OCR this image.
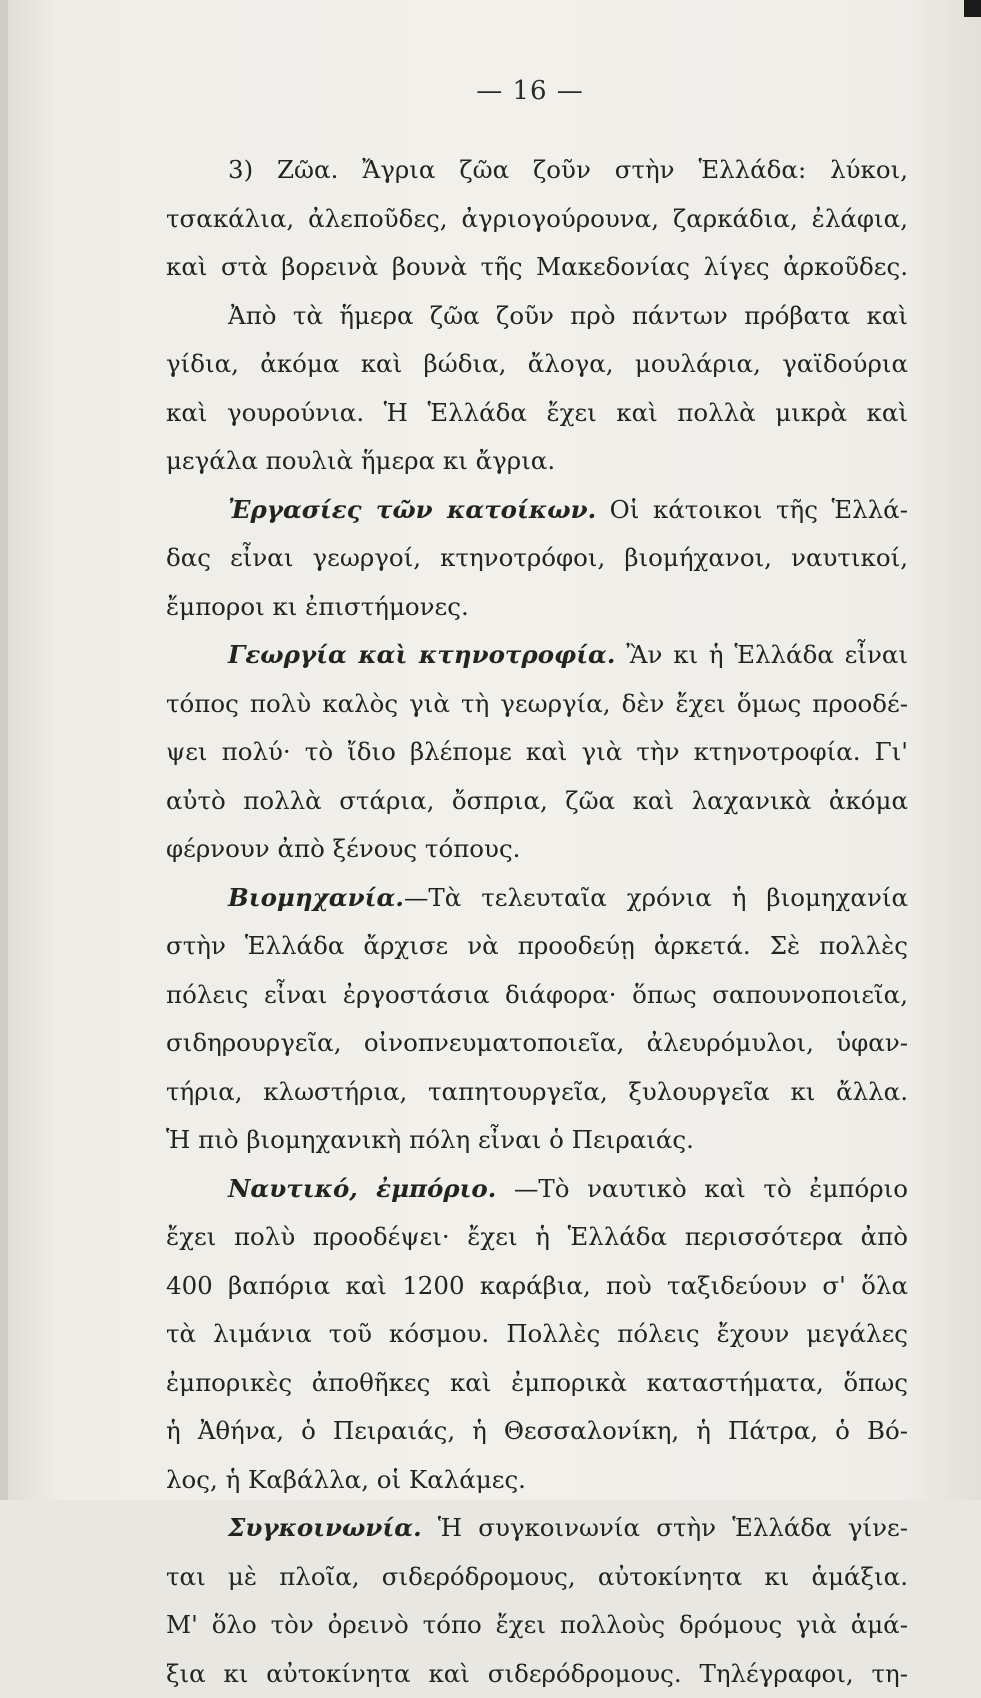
— 16 —
3) Ζῶα. Ἄγρια ζῶα ζοῦν στὴν Ἑλλάδα: λύκοι,
τσακάλια, ἀλεποῦδες, ἀγριογούρουνα, ζαρκάδια, ἐλάφια,
καὶ στὰ βορεινὰ βουνὰ τῆς Μακεδονίας λίγες ἀρκοῦδες.
Ἀπὸ τὰ ἥμερα ζῶα ζοῦν πρὸ πάντων πρόβατα καὶ
γίδια, ἀκόμα καὶ βώδια, ἄλογα, μουλάρια, γαϊδούρια
καὶ γουρούνια. Ἡ Ἑλλάδα ἔχει καὶ πολλὰ μικρὰ καὶ
μεγάλα πουλιὰ ἥμερα κι ἄγρια.
Ἐργασίες τῶν κατοίκων. Οἱ κάτοικοι τῆς Ἑλλά-
δας εἶναι γεωργοί, κτηνοτρόφοι, βιομήχανοι, ναυτικοί,
ἔμποροι κι ἐπιστήμονες.
Γεωργία καὶ κτηνοτροφία. Ἂν κι ἡ Ἑλλάδα εἶναι
τόπος πολὺ καλὸς γιὰ τὴ γεωργία, δὲν ἔχει ὅμως προοδέ-
ψει πολύ· τὸ ἴδιο βλέπομε καὶ γιὰ τὴν κτηνοτροφία. Γι'
αὐτὸ πολλὰ στάρια, ὄσπρια, ζῶα καὶ λαχανικὰ ἀκόμα
φέρνουν ἀπὸ ξένους τόπους.
Βιομηχανία.—Τὰ τελευταῖα χρόνια ἡ βιομηχανία
στὴν Ἑλλάδα ἄρχισε νὰ προοδεύῃ ἀρκετά. Σὲ πολλὲς
πόλεις εἶναι ἐργοστάσια διάφορα· ὅπως σαπουνοποιεῖα,
σιδηρουργεῖα, οἰνοπνευματοποιεῖα, ἀλευρόμυλοι, ὑφαν-
τήρια, κλωστήρια, ταπητουργεῖα, ξυλουργεῖα κι ἄλλα.
Ἡ πιὸ βιομηχανικὴ πόλη εἶναι ὁ Πειραιάς.
Ναυτικό, ἐμπόριο. —Τὸ ναυτικὸ καὶ τὸ ἐμπόριο
ἔχει πολὺ προοδέψει· ἔχει ἡ Ἑλλάδα περισσότερα ἀπὸ
400 βαπόρια καὶ 1200 καράβια, ποὺ ταξιδεύουν σ' ὅλα
τὰ λιμάνια τοῦ κόσμου. Πολλὲς πόλεις ἔχουν μεγάλες
ἐμπορικὲς ἀποθῆκες καὶ ἐμπορικὰ καταστήματα, ὅπως
ἡ Ἀθήνα, ὁ Πειραιάς, ἡ Θεσσαλονίκη, ἡ Πάτρα, ὁ Βό-
λος, ἡ Καβάλλα, οἱ Καλάμες.
Συγκοινωνία. Ἡ συγκοινωνία στὴν Ἑλλάδα γίνε-
ται μὲ πλοῖα, σιδερόδρομους, αὐτοκίνητα κι ἁμάξια.
Μ' ὅλο τὸν ὀρεινὸ τόπο ἔχει πολλοὺς δρόμους γιὰ ἁμά-
ξια κι αὐτοκίνητα καὶ σιδερόδρομους. Τηλέγραφοι, τη-
